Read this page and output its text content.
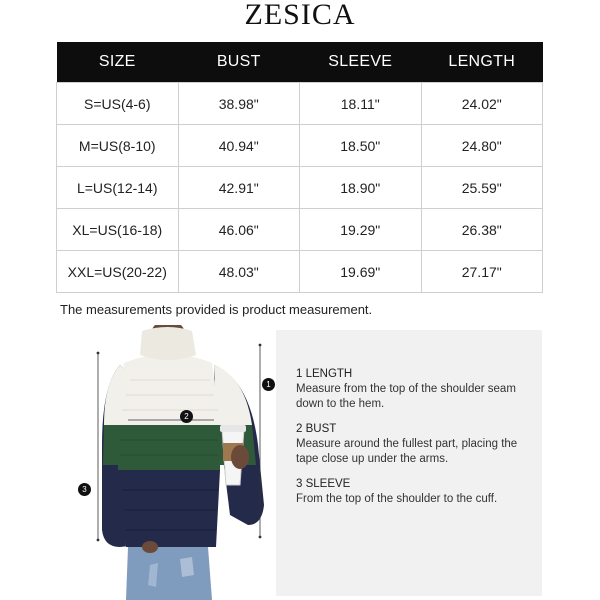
ZESICA
SIZE	BUST	SLEEVE	LENGTH
S=US(4-6)	38.98"	18.11"	24.02"
M=US(8-10)	40.94"	18.50"	24.80"
L=US(12-14)	42.91"	18.90"	25.59"
XL=US(16-18)	46.06"	19.29"	26.38"
XXL=US(20-22)	48.03"	19.69"	27.17"
The measurements provided is product measurement.
1
2
3
1 LENGTH
Measure from the top of the shoulder seam down to the hem.
2 BUST
Measure around the fullest part, placing the tape close up under the arms.
3 SLEEVE
From the top of the shoulder to the cuff.
